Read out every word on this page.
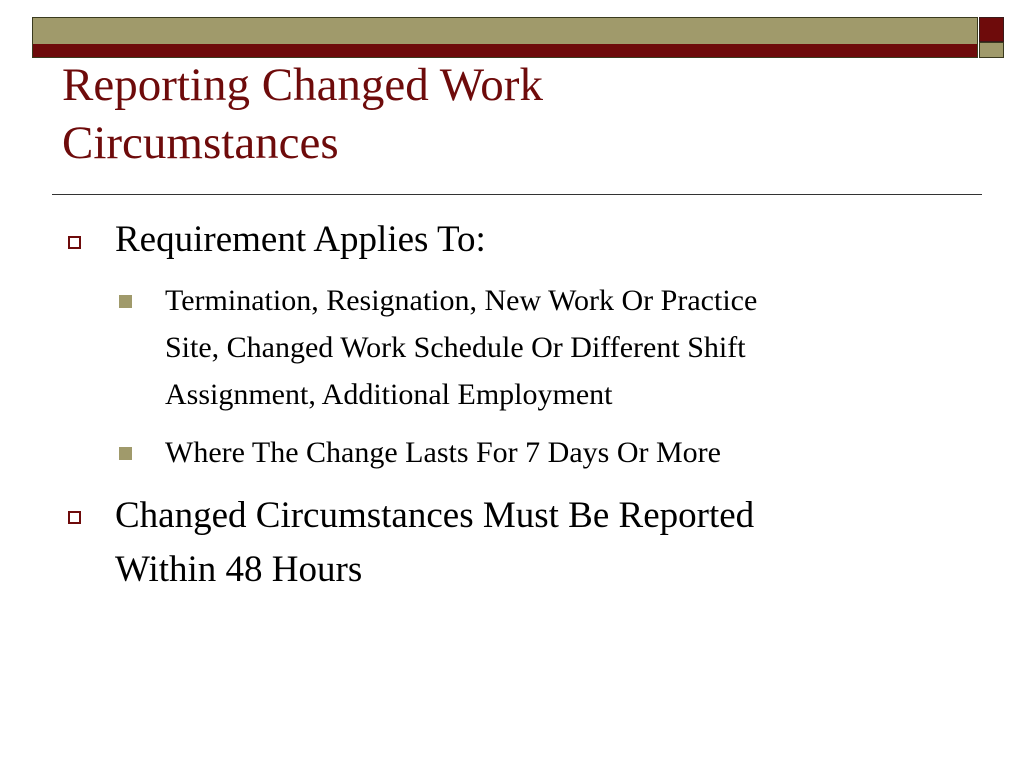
Reporting Changed Work
Circumstances
Requirement Applies To:
Termination, Resignation, New Work Or Practice
Site, Changed Work Schedule Or Different Shift
Assignment, Additional Employment
Where The Change Lasts For 7 Days Or More
Changed Circumstances Must Be Reported
Within 48 Hours
